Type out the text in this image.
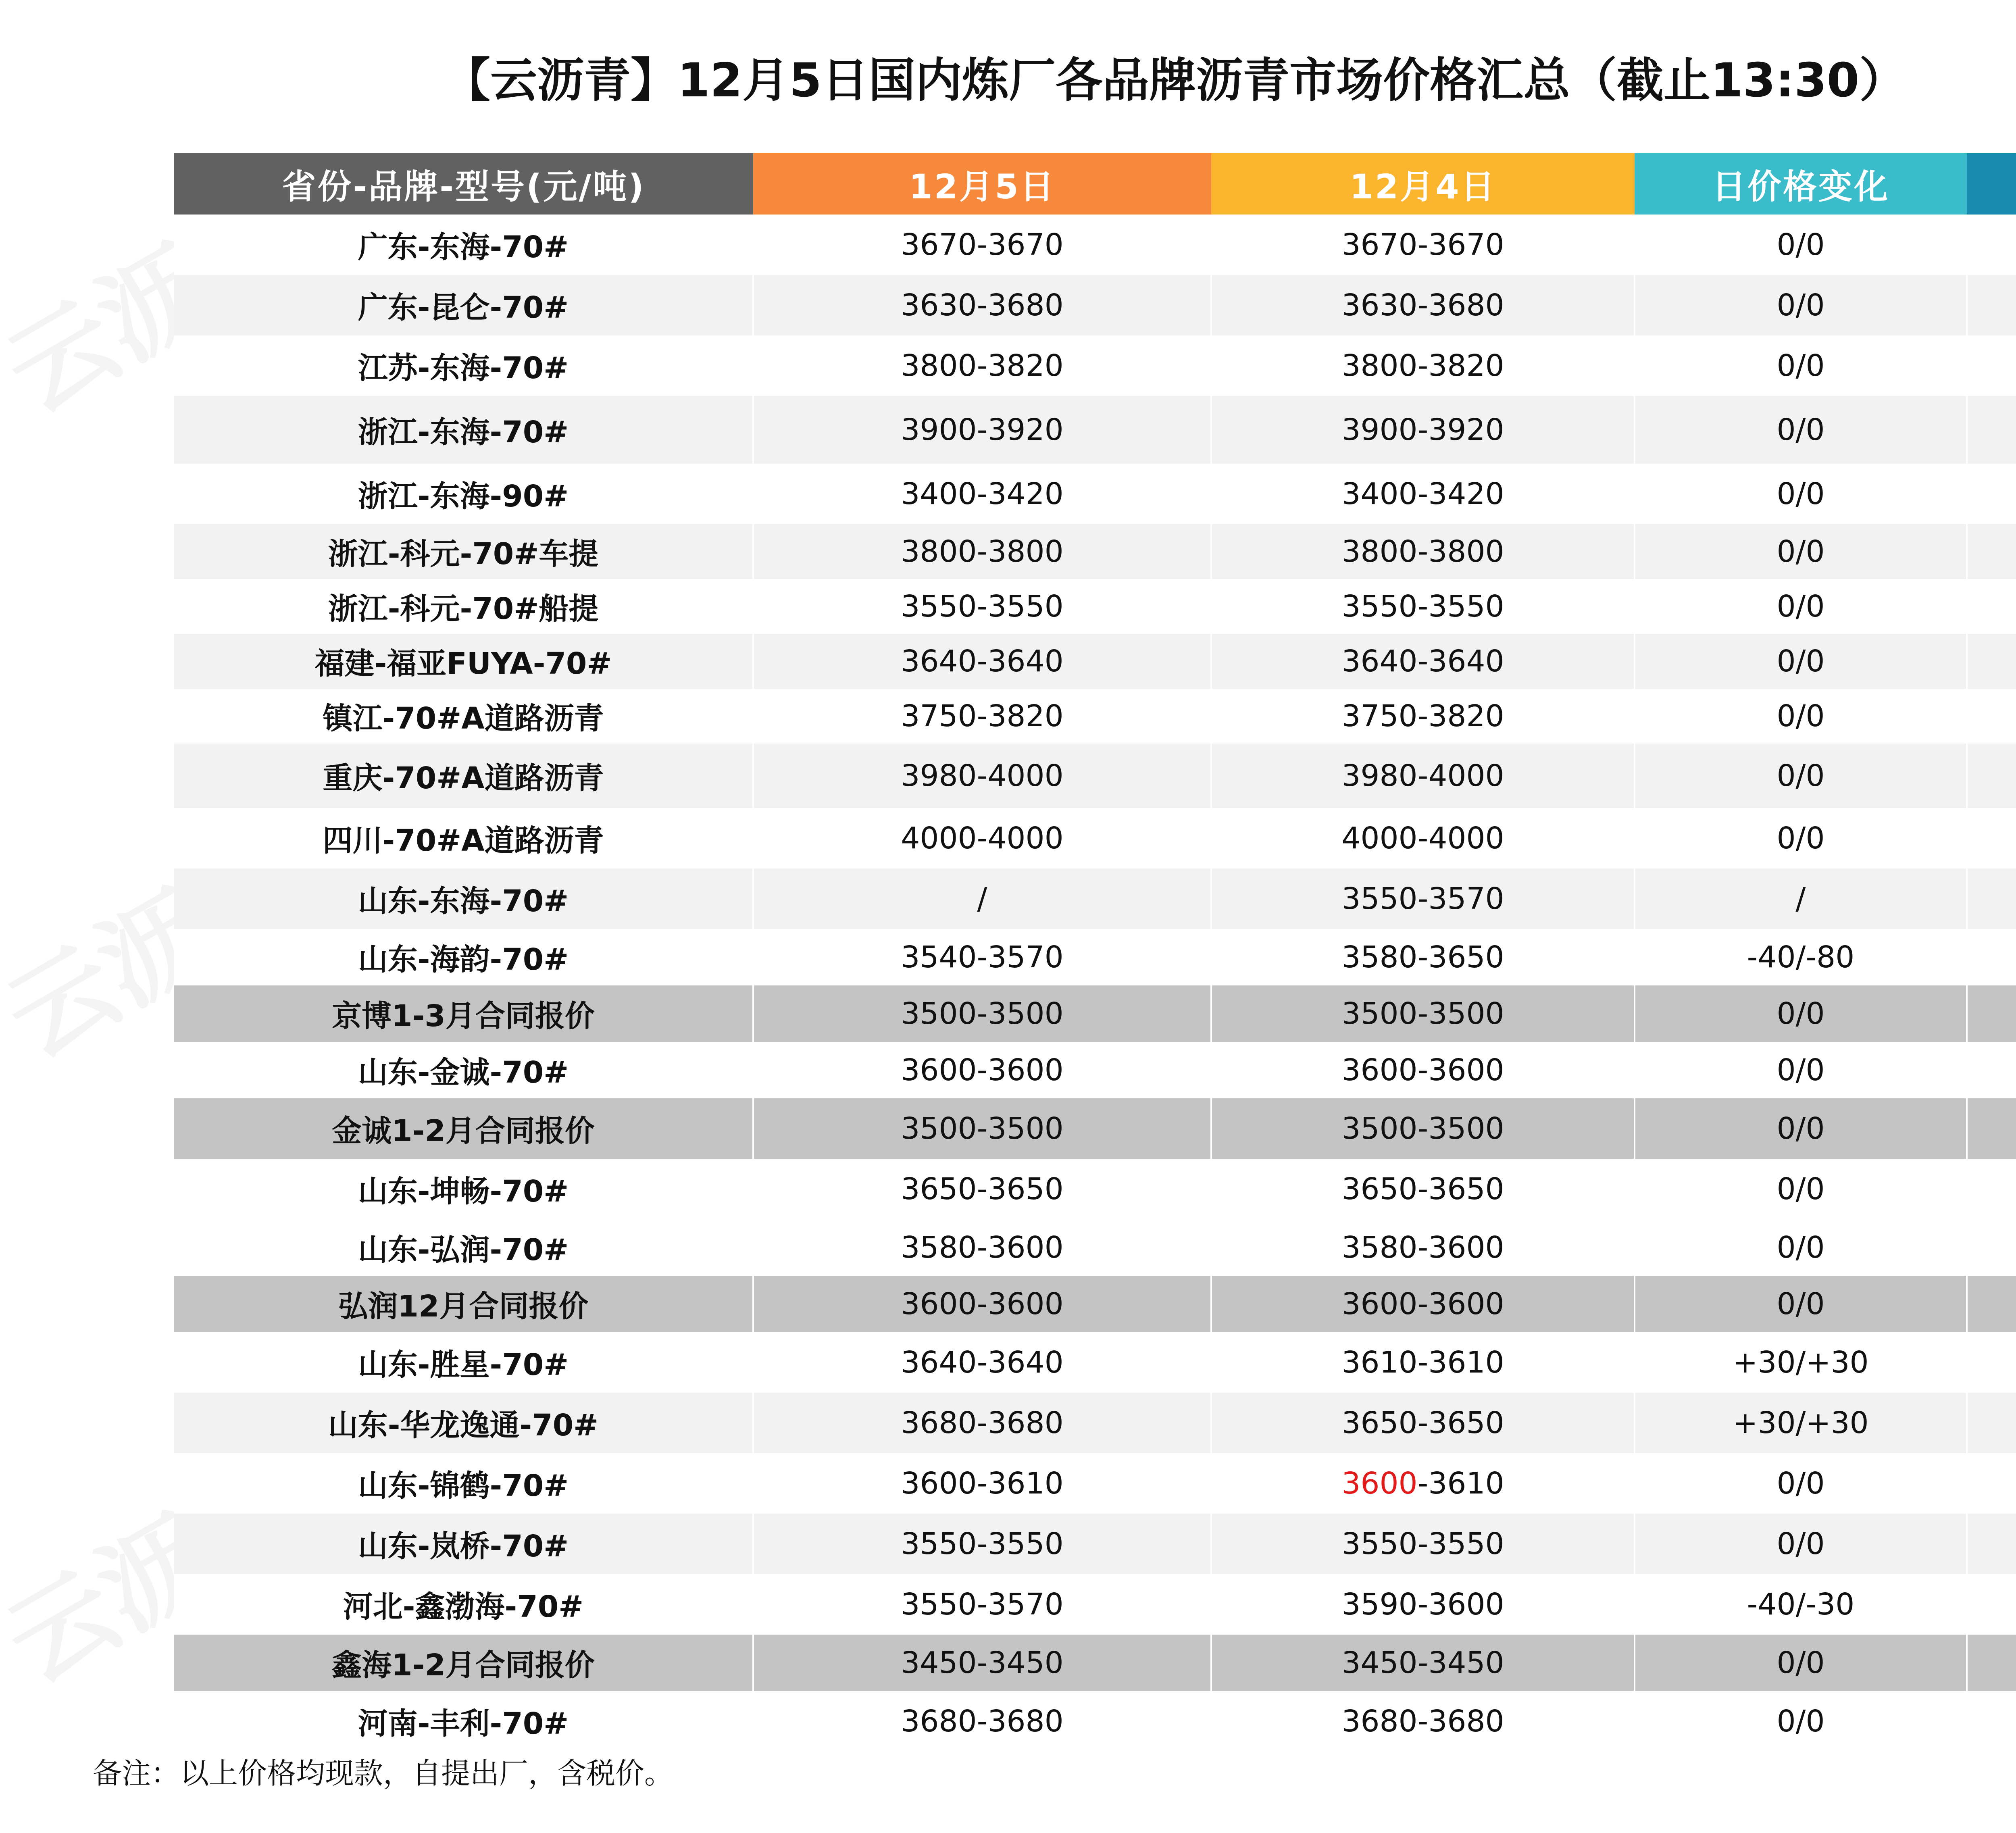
【云沥青】12月5日国内炼厂各品牌沥青市场价格汇总（截止13:30）
省份-品牌-型号(元/吨)	12月5日	12月4日	日价格变化	
广东-东海-70#	3670-3670	3670-3670	0/0	
广东-昆仑-70#	3630-3680	3630-3680	0/0	
江苏-东海-70#	3800-3820	3800-3820	0/0	
浙江-东海-70#	3900-3920	3900-3920	0/0	
浙江-东海-90#	3400-3420	3400-3420	0/0	
浙江-科元-70#车提	3800-3800	3800-3800	0/0	
浙江-科元-70#船提	3550-3550	3550-3550	0/0	
福建-福亚FUYA-70#	3640-3640	3640-3640	0/0	
镇江-70#A道路沥青	3750-3820	3750-3820	0/0	
重庆-70#A道路沥青	3980-4000	3980-4000	0/0	
四川-70#A道路沥青	4000-4000	4000-4000	0/0	
山东-东海-70#	/	3550-3570	/	
山东-海韵-70#	3540-3570	3580-3650	-40/-80	
京博1-3月合同报价	3500-3500	3500-3500	0/0	
山东-金诚-70#	3600-3600	3600-3600	0/0	
金诚1-2月合同报价	3500-3500	3500-3500	0/0	
山东-坤畅-70#	3650-3650	3650-3650	0/0	
山东-弘润-70#	3580-3600	3580-3600	0/0	
弘润12月合同报价	3600-3600	3600-3600	0/0	
山东-胜星-70#	3640-3640	3610-3610	+30/+30	
山东-华龙逸通-70#	3680-3680	3650-3650	+30/+30	
山东-锦鹤-70#	3600-3610	3600-3610	0/0	
山东-岚桥-70#	3550-3550	3550-3550	0/0	
河北-鑫渤海-70#	3550-3570	3590-3600	-40/-30	
鑫海1-2月合同报价	3450-3450	3450-3450	0/0	
河南-丰利-70#	3680-3680	3680-3680	0/0	
备注：以上价格均现款，自提出厂，含税价。
